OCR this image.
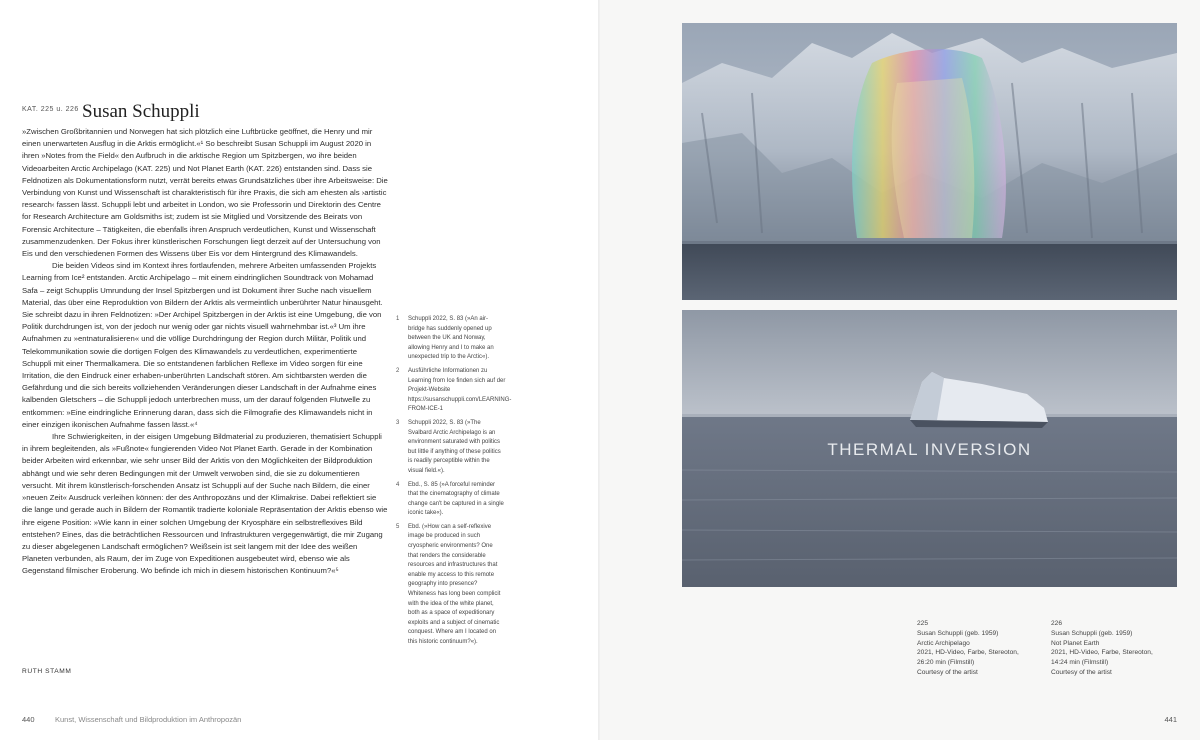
KAT. 225 u. 226 Susan Schuppli

»Zwischen Großbritannien und Norwegen hat sich plötzlich eine Luftbrücke geöffnet, die Henry und mir einen unerwarteten Ausflug in die Arktis ermöglicht.«¹ So beschreibt Susan Schuppli im August 2020 in ihren »Notes from the Field« den Aufbruch in die arktische Region um Spitzbergen, wo ihre beiden Videoarbeiten Arctic Archipelago (KAT. 225) und Not Planet Earth (KAT. 226) entstanden sind. Dass sie Feldnotizen als Dokumentationsform nutzt, verrät bereits etwas Grundsätzliches über ihre Arbeitsweise: Die Verbindung von Kunst und Wissenschaft ist charakteristisch für ihre Praxis, die sich am ehesten als ›artistic research‹ fassen lässt. Schuppli lebt und arbeitet in London, wo sie Professorin und Direktorin des Centre for Research Architecture am Goldsmiths ist; zudem ist sie Mitglied und Vorsitzende des Beirats von Forensic Architecture – Tätigkeiten, die ebenfalls ihren Anspruch verdeutlichen, Kunst und Wissenschaft zusammenzudenken. Der Fokus ihrer künstlerischen Forschungen liegt derzeit auf der Untersuchung von Eis und den verschiedenen Formen des Wissens über Eis vor dem Hintergrund des Klimawandels.

Die beiden Videos sind im Kontext ihres fortlaufenden, mehrere Arbeiten umfassenden Projekts Learning from Ice² entstanden. Arctic Archipelago – mit einem eindringlichen Soundtrack von Mohamad Safa – zeigt Schupplis Umrundung der Insel Spitzbergen und ist Dokument ihrer Suche nach visuellem Material, das über eine Reproduktion von Bildern der Arktis als vermeintlich unberührter Natur hinausgeht. Sie schreibt dazu in ihren Feldnotizen: »Der Archipel Spitzbergen in der Arktis ist eine Umgebung, die von Politik durchdrungen ist, von der jedoch nur wenig oder gar nichts visuell wahrnehmbar ist.«³ Um ihre Aufnahmen zu »entnaturalisieren« und die völlige Durchdringung der Region durch Militär, Politik und Telekommunikation sowie die dortigen Folgen des Klimawandels zu verdeutlichen, experimentierte Schuppli mit einer Thermalkamera. Die so entstandenen farblichen Reflexe im Video sorgen für eine Irritation, die den Eindruck einer erhaben-unberührten Landschaft stören. Am sichtbarsten werden die Gefährdung und die sich bereits vollziehenden Veränderungen dieser Landschaft in der Aufnahme eines kalbenden Gletschers – die Schuppli jedoch unterbrechen muss, um der darauf folgenden Flutwelle zu entkommen: »Eine eindringliche Erinnerung daran, dass sich die Filmografie des Klimawandels nicht in einer einzigen ikonischen Aufnahme fassen lässt.«⁴

Ihre Schwierigkeiten, in der eisigen Umgebung Bildmaterial zu produzieren, thematisiert Schuppli in ihrem begleitenden, als »Fußnote« fungierenden Video Not Planet Earth. Gerade in der Kombination beider Arbeiten wird erkennbar, wie sehr unser Bild der Arktis von den Möglichkeiten der Bildproduktion abhängt und wie sehr deren Bedingungen mit der Umwelt verwoben sind, die sie zu dokumentieren versucht. Mit ihrem künstlerisch-forschenden Ansatz ist Schuppli auf der Suche nach Bildern, die einer »neuen Zeit« Ausdruck verleihen können: der des Anthropozäns und der Klimakrise. Dabei reflektiert sie die lange und gerade auch in Bildern der Romantik tradierte koloniale Repräsentation der Arktis ebenso wie ihre eigene Position: »Wie kann in einer solchen Umgebung der Kryosphäre ein selbstreflexives Bild entstehen? Eines, das die beträchtlichen Ressourcen und Infrastrukturen vergegenwärtigt, die mir Zugang zu dieser abgelegenen Landschaft ermöglichen? Weißsein ist seit langem mit der Idee des weißen Planeten verbunden, als Raum, der im Zuge von Expeditionen ausgebeutet wird, ebenso wie als Gegenstand filmischer Eroberung. Wo befinde ich mich in diesem historischen Kontinuum?«⁵

RUTH STAMM
1	Schuppli 2022, S. 83 (»An air-bridge has suddenly opened up between the UK and Norway, allowing Henry and I to make an unexpected trip to the Arctic«).
2	Ausführliche Informationen zu Learning from Ice finden sich auf der Projekt-Website https://susanschuppli.com/LEARNING-FROM-ICE-1
3	Schuppli 2022, S. 83 (»The Svalbard Arctic Archipelago is an environment saturated with politics but little if anything of these politics is readily perceptible within the visual field.«).
4	Ebd., S. 85 (»A forceful reminder that the cinematography of climate change can't be captured in a single iconic take«).
5	Ebd. (»How can a self-reflexive image be produced in such cryospheric environments? One that renders the considerable resources and infrastructures that enable my access to this remote geography into presence? Whiteness has long been complicit with the idea of the white planet, both as a space of expeditionary exploits and a subject of cinematic conquest. Where am I located on this historic continuum?«).
440	Kunst, Wissenschaft und Bildproduktion im Anthropozän	441
THERMAL INVERSION
225
Susan Schuppli (geb. 1959)
Arctic Archipelago
2021, HD-Video, Farbe, Stereoton,
26:20 min (Filmstill)
Courtesy of the artist
226
Susan Schuppli (geb. 1959)
Not Planet Earth
2021, HD-Video, Farbe, Stereoton,
14:24 min (Filmstill)
Courtesy of the artist
